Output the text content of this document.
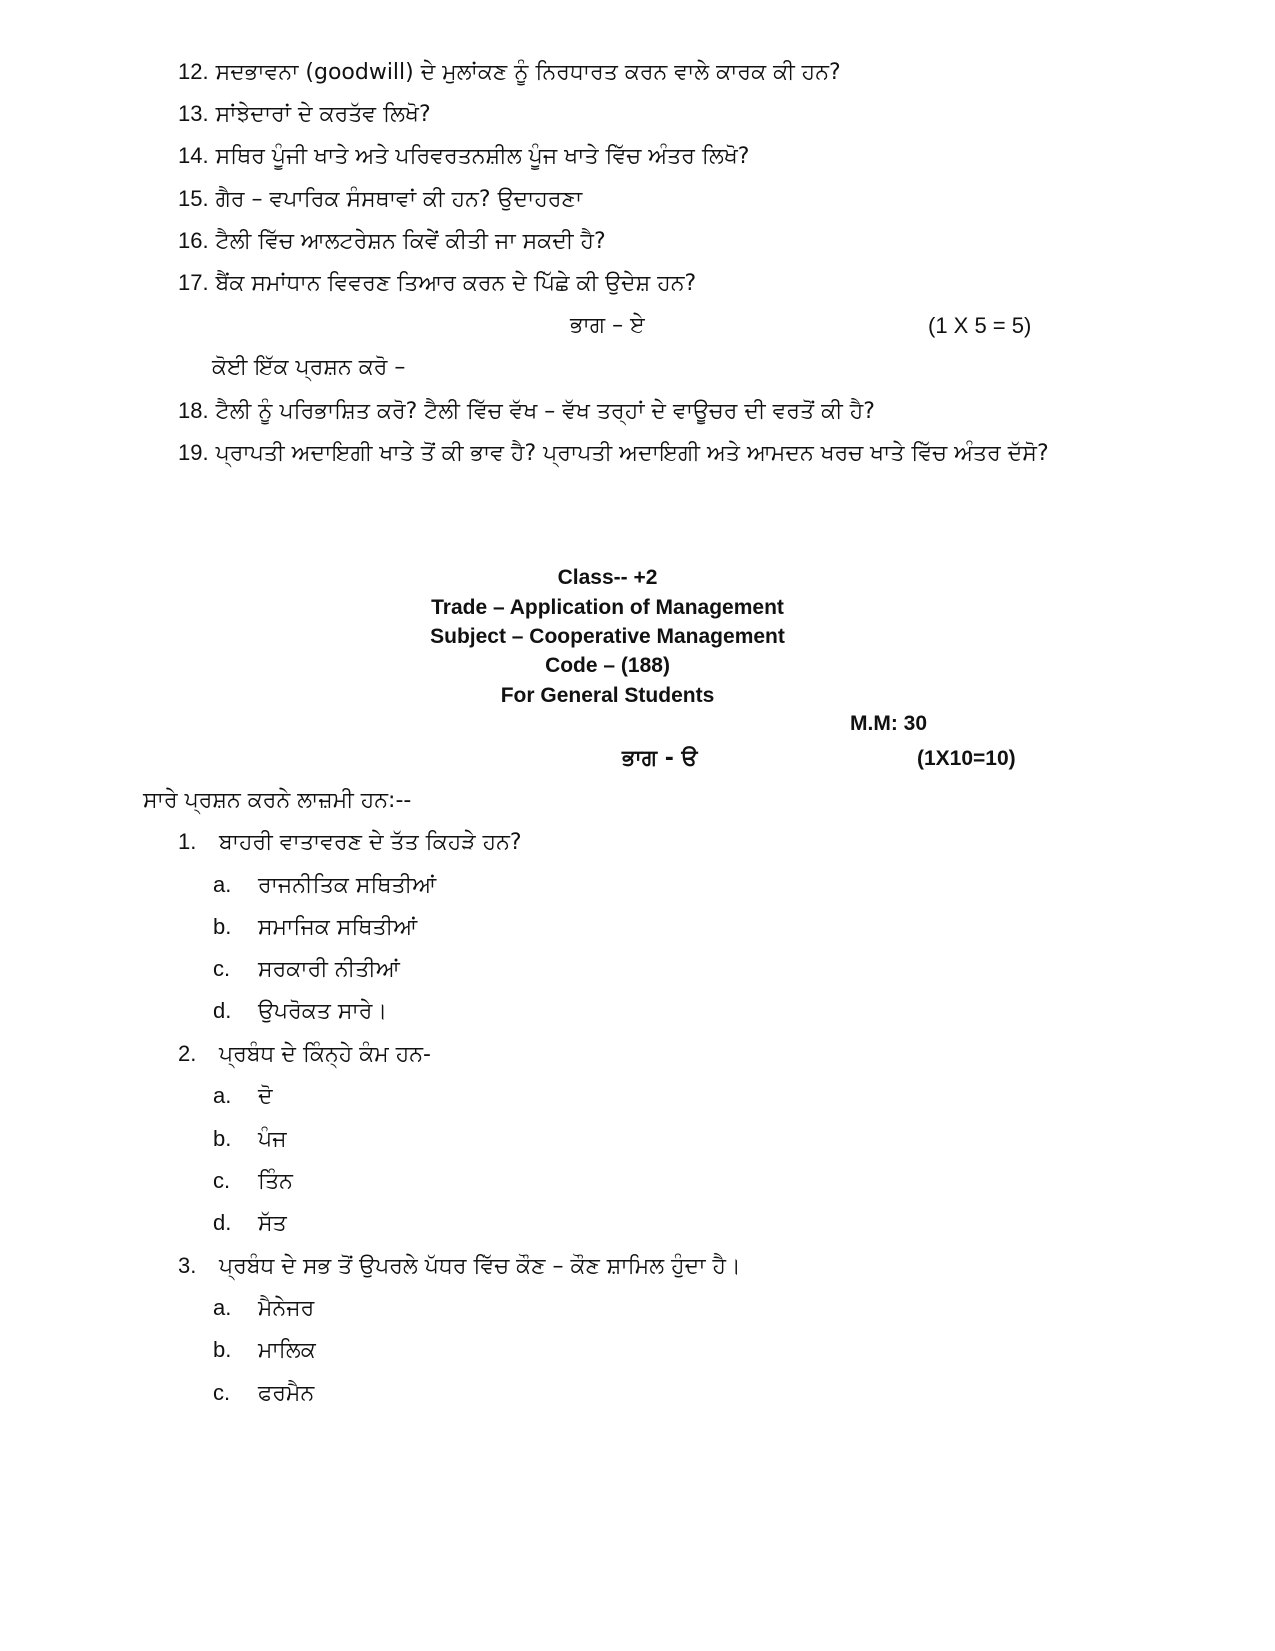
12. ਸਦਭਾਵਨਾ (goodwill) ਦੇ ਮੁਲਾਂਕਣ ਨੂੰ ਨਿਰਧਾਰਤ ਕਰਨ ਵਾਲੇ ਕਾਰਕ ਕੀ ਹਨ?
13. ਸਾਂਝੇਦਾਰਾਂ ਦੇ ਕਰਤੱਵ ਲਿਖੋ?
14. ਸਥਿਰ ਪੂੰਜੀ ਖਾਤੇ ਅਤੇ ਪਰਿਵਰਤਨਸ਼ੀਲ ਪੂੰਜ ਖਾਤੇ ਵਿੱਚ ਅੰਤਰ ਲਿਖੋ?
15. ਗੈਰ – ਵਪਾਰਿਕ ਸੰਸਥਾਵਾਂ ਕੀ ਹਨ? ਉਦਾਹਰਣਾ
16. ਟੈਲੀ ਵਿੱਚ ਆਲਟਰੇਸ਼ਨ ਕਿਵੇਂ ਕੀਤੀ ਜਾ ਸਕਦੀ ਹੈ?
17. ਬੈਂਕ ਸਮਾਂਧਾਨ ਵਿਵਰਣ ਤਿਆਰ ਕਰਨ ਦੇ ਪਿੱਛੇ ਕੀ ਉਦੇਸ਼ ਹਨ?
ਭਾਗ – ਏ	(1 X 5 = 5)
ਕੋਈ ਇੱਕ ਪ੍ਰਸ਼ਨ ਕਰੋ –
18. ਟੈਲੀ ਨੂੰ ਪਰਿਭਾਸ਼ਿਤ ਕਰੋ? ਟੈਲੀ ਵਿੱਚ ਵੱਖ – ਵੱਖ ਤਰ੍ਹਾਂ ਦੇ ਵਾਊਚਰ ਦੀ ਵਰਤੋਂ ਕੀ ਹੈ?
19. ਪ੍ਰਾਪਤੀ ਅਦਾਇਗੀ ਖਾਤੇ ਤੋਂ ਕੀ ਭਾਵ ਹੈ? ਪ੍ਰਾਪਤੀ ਅਦਾਇਗੀ ਅਤੇ ਆਮਦਨ ਖਰਚ ਖਾਤੇ ਵਿੱਚ ਅੰਤਰ ਦੱਸੋ?
Class-- +2
Trade – Application of Management
Subject – Cooperative Management
Code – (188)
For General Students
M.M: 30
ਭਾਗ - ੳ	(1X10=10)
ਸਾਰੇ ਪ੍ਰਸ਼ਨ ਕਰਨੇ ਲਾਜ਼ਮੀ ਹਨ:--
1. ਬਾਹਰੀ ਵਾਤਾਵਰਣ ਦੇ ਤੱਤ ਕਿਹੜੇ ਹਨ?
a. ਰਾਜਨੀਤਿਕ ਸਥਿਤੀਆਂ
b. ਸਮਾਜਿਕ ਸਥਿਤੀਆਂ
c. ਸਰਕਾਰੀ ਨੀਤੀਆਂ
d. ਉਪਰੋਕਤ ਸਾਰੇ।
2. ਪ੍ਰਬੰਧ ਦੇ ਕਿੰਨ੍ਹੇ ਕੰਮ ਹਨ-
a. ਦੋ
b. ਪੰਜ
c. ਤਿੰਨ
d. ਸੱਤ
3. ਪ੍ਰਬੰਧ ਦੇ ਸਭ ਤੋਂ ਉਪਰਲੇ ਪੱਧਰ ਵਿੱਚ ਕੌਣ – ਕੌਣ ਸ਼ਾਮਿਲ ਹੁੰਦਾ ਹੈ।
a. ਮੈਨੇਜਰ
b. ਮਾਲਿਕ
c. ਫਰਮੈਨ
